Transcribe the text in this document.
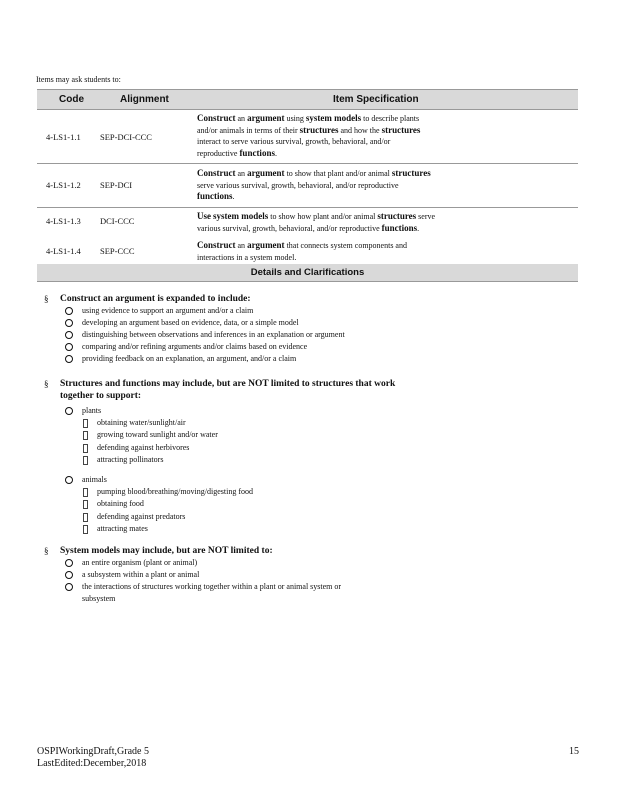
Items may ask students to:
Code	Alignment	Item Specification
4-LS1-1.1 SEP-DCI-CCC
Construct an argument using system models to describe plants
and/or animals in terms of their structures and how the structures
interact to serve various survival, growth, behavioral, and/or
reproductive functions.
4-LS1-1.2 SEP-DCI
Construct an argument to show that plant and/or animal structures
serve various survival, growth, behavioral, and/or reproductive
functions.
4-LS1-1.3 DCI-CCC	Use system models to show how plant and/or animal structures serve
various survival, growth, behavioral, and/or reproductive functions.
4-LS1-1.4 SEP-CCC
Construct an argument that connects system components and
interactions in a system model.
Details and Clarifications
§ Construct an argument is expanded to include:
using evidence to support an argument and/or a claim
developing an argument based on evidence, data, or a simple model
distinguishing between observations and inferences in an explanation or argument
comparing and/or refining arguments and/or claims based on evidence
providing feedback on an explanation, an argument, and/or a claim
§ Structures and functions may include, but are NOT limited to structures that work
together to support:
plants
obtaining water/sunlight/air
growing toward sunlight and/or water
defending against herbivores
attracting pollinators
animals
pumping blood/breathing/moving/digesting food
obtaining food
defending against predators
attracting mates
§ System models may include, but are NOT limited to:
an entire organism (plant or animal)
a subsystem within a plant or animal
the interactions of structures working together within a plant or animal system or
subsystem
OSPIWorkingDraft,Grade 5
LastEdited:December,2018
15
